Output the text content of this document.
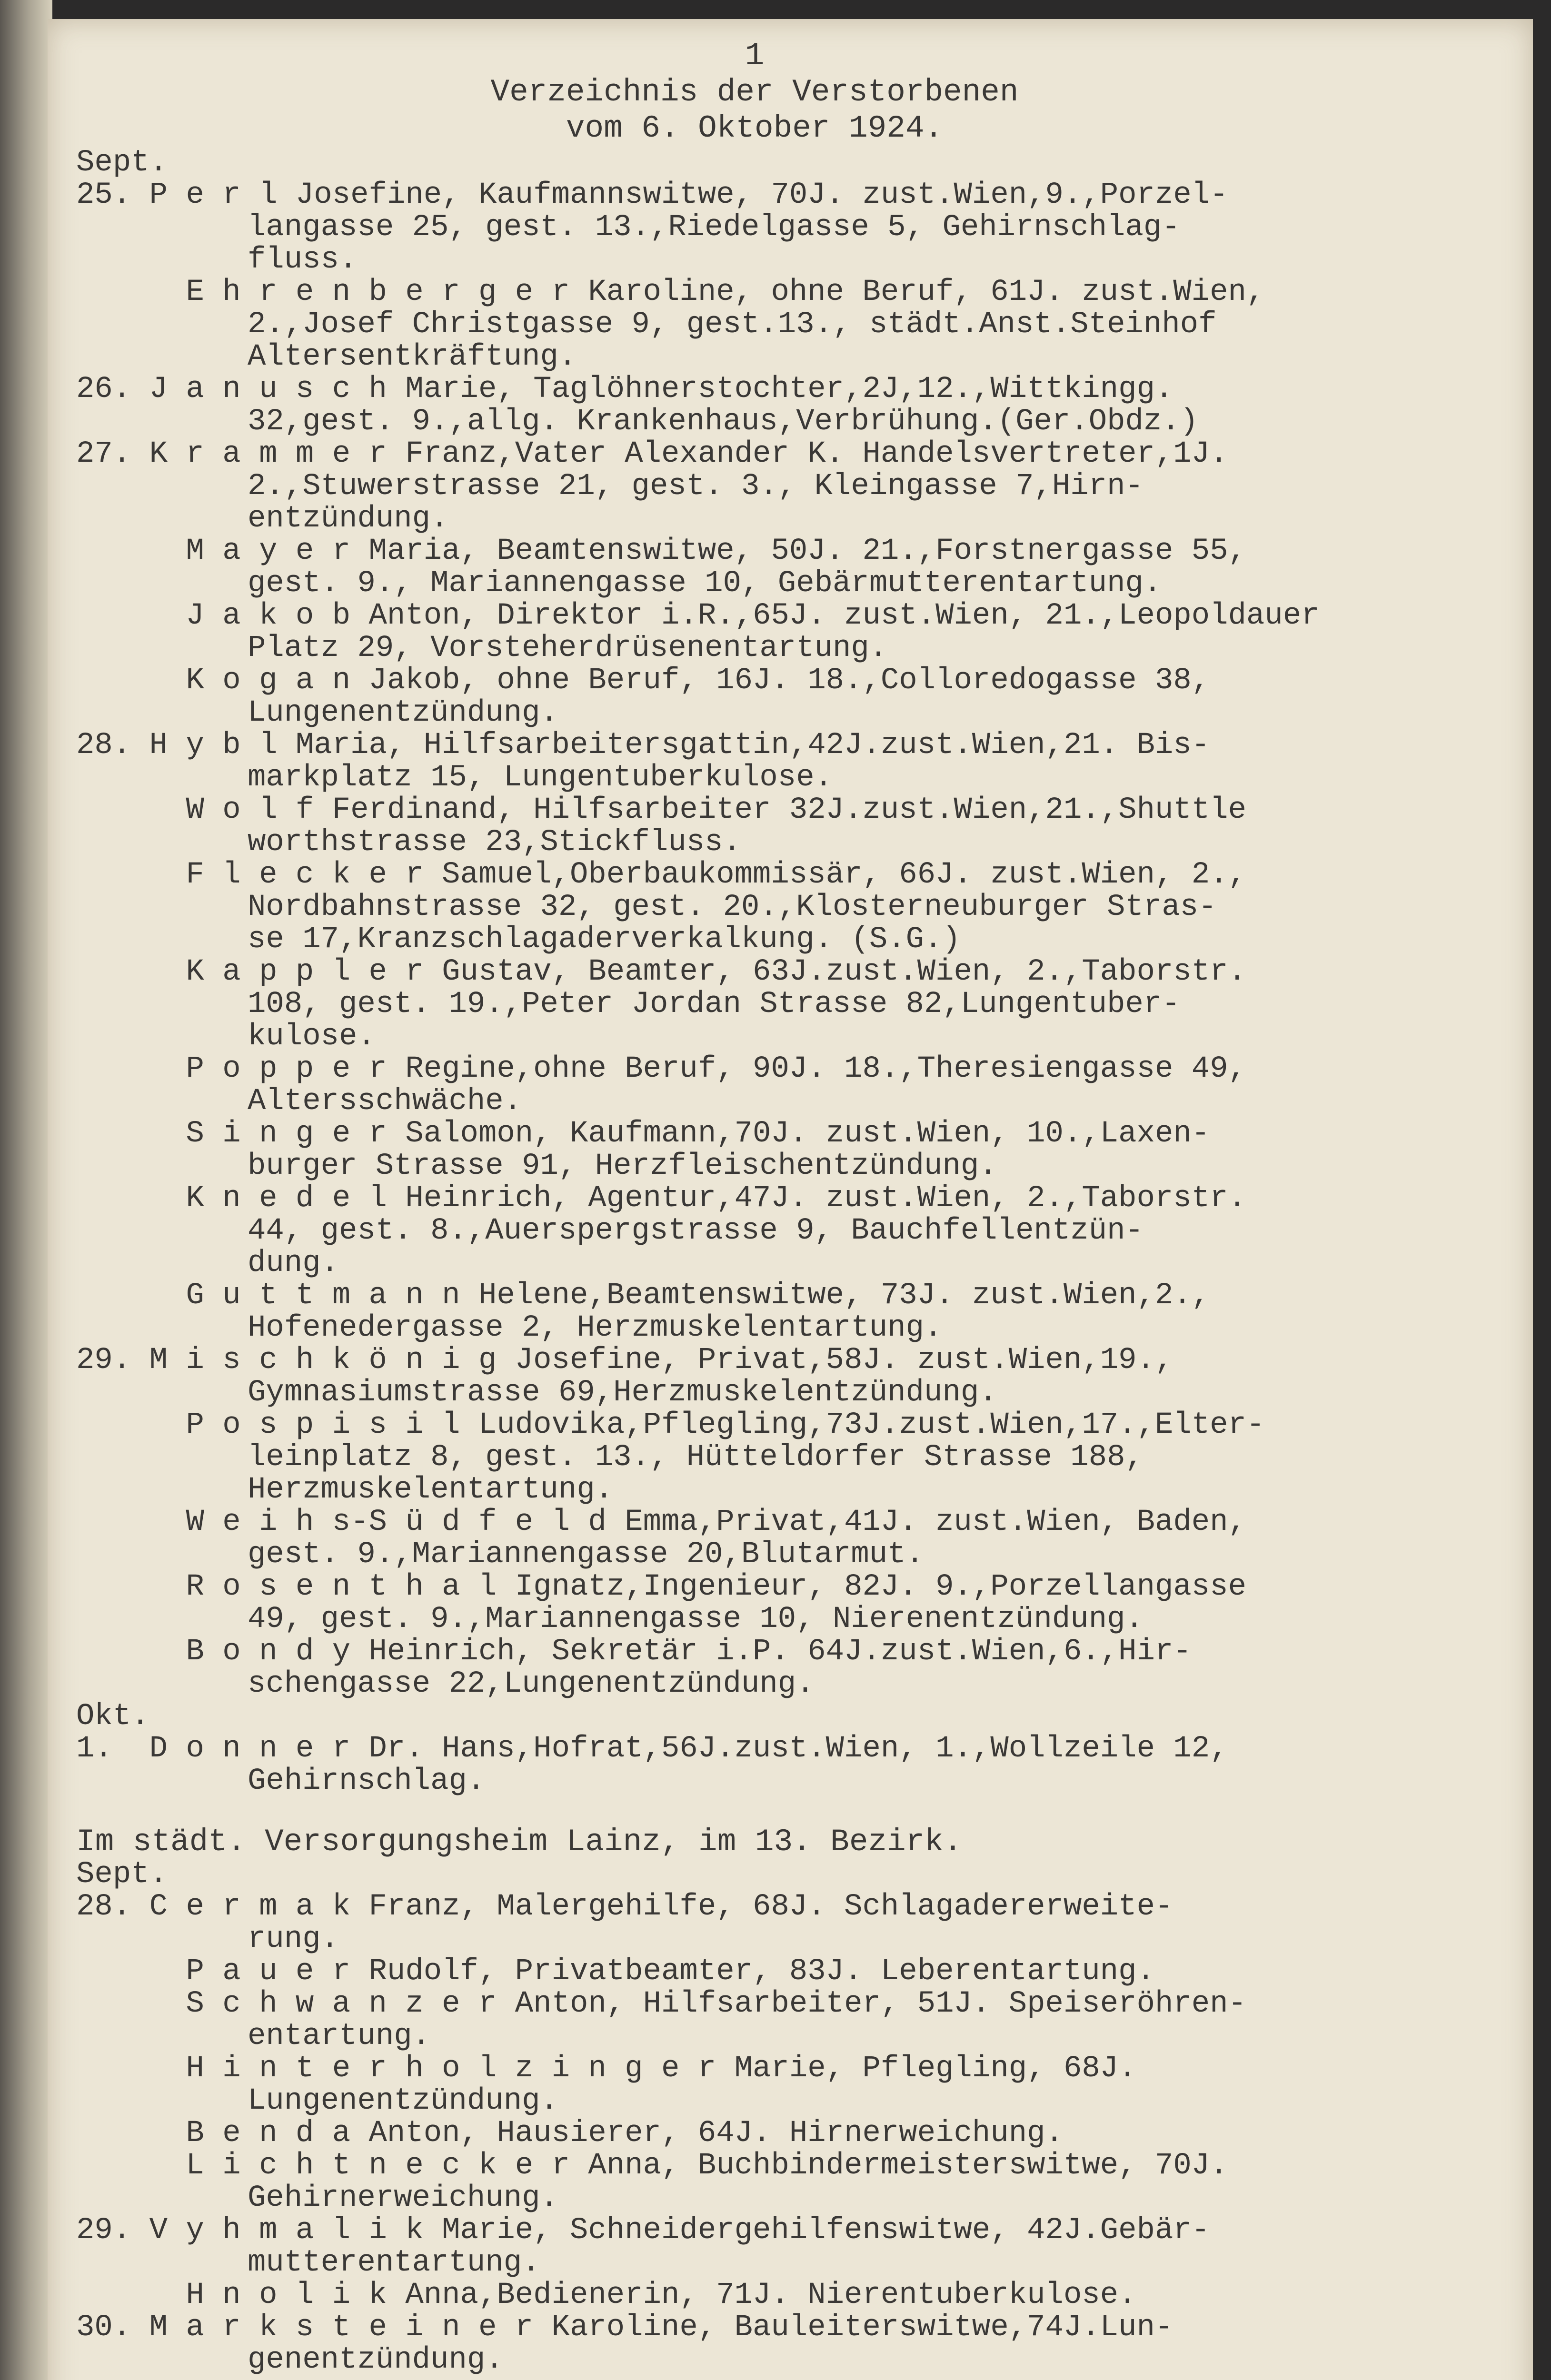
1
Verzeichnis der Verstorbenen
vom 6. Oktober 1924.
Sept.
25. P e r l Josefine, Kaufmannswitwe, 70J. zust.Wien,9.,Porzel-
langasse 25, gest. 13.,Riedelgasse 5, Gehirnschlag-
fluss.
E h r e n b e r g e r Karoline, ohne Beruf, 61J. zust.Wien,
2.,Josef Christgasse 9, gest.13., städt.Anst.Steinhof
Altersentkräftung.
26. J a n u s c h Marie, Taglöhnerstochter,2J,12.,Wittkingg.
32,gest. 9.,allg. Krankenhaus,Verbrühung.(Ger.Obdz.)
27. K r a m m e r Franz,Vater Alexander K. Handelsvertreter,1J.
2.,Stuwerstrasse 21, gest. 3., Kleingasse 7,Hirn-
entzündung.
M a y e r Maria, Beamtenswitwe, 50J. 21.,Forstnergasse 55,
gest. 9., Mariannengasse 10, Gebärmutterentartung.
J a k o b Anton, Direktor i.R.,65J. zust.Wien, 21.,Leopoldauer
Platz 29, Vorsteherdrüsenentartung.
K o g a n Jakob, ohne Beruf, 16J. 18.,Colloredogasse 38,
Lungenentzündung.
28. H y b l Maria, Hilfsarbeitersgattin,42J.zust.Wien,21. Bis-
markplatz 15, Lungentuberkulose.
W o l f Ferdinand, Hilfsarbeiter 32J.zust.Wien,21.,Shuttle
worthstrasse 23,Stickfluss.
F l e c k e r Samuel,Oberbaukommissär, 66J. zust.Wien, 2.,
Nordbahnstrasse 32, gest. 20.,Klosterneuburger Stras-
se 17,Kranzschlagaderverkalkung. (S.G.)
K a p p l e r Gustav, Beamter, 63J.zust.Wien, 2.,Taborstr.
108, gest. 19.,Peter Jordan Strasse 82,Lungentuber-
kulose.
P o p p e r Regine,ohne Beruf, 90J. 18.,Theresiengasse 49,
Altersschwäche.
S i n g e r Salomon, Kaufmann,70J. zust.Wien, 10.,Laxen-
burger Strasse 91, Herzfleischentzündung.
K n e d e l Heinrich, Agentur,47J. zust.Wien, 2.,Taborstr.
44, gest. 8.,Auerspergstrasse 9, Bauchfellentzün-
dung.
G u t t m a n n Helene,Beamtenswitwe, 73J. zust.Wien,2.,
Hofenedergasse 2, Herzmuskelentartung.
29. M i s c h k ö n i g Josefine, Privat,58J. zust.Wien,19.,
Gymnasiumstrasse 69,Herzmuskelentzündung.
P o s p i s i l Ludovika,Pflegling,73J.zust.Wien,17.,Elter-
leinplatz 8, gest. 13., Hütteldorfer Strasse 188,
Herzmuskelentartung.
W e i h s-S ü d f e l d Emma,Privat,41J. zust.Wien, Baden,
gest. 9.,Mariannengasse 20,Blutarmut.
R o s e n t h a l Ignatz,Ingenieur, 82J. 9.,Porzellangasse
49, gest. 9.,Mariannengasse 10, Nierenentzündung.
B o n d y Heinrich, Sekretär i.P. 64J.zust.Wien,6.,Hir-
schengasse 22,Lungenentzündung.
Okt.
1.  D o n n e r Dr. Hans,Hofrat,56J.zust.Wien, 1.,Wollzeile 12,
Gehirnschlag.
Im städt. Versorgungsheim Lainz, im 13. Bezirk.
Sept.
28. C e r m a k Franz, Malergehilfe, 68J. Schlagadererweite-
rung.
P a u e r Rudolf, Privatbeamter, 83J. Leberentartung.
S c h w a n z e r Anton, Hilfsarbeiter, 51J. Speiseröhren-
entartung.
H i n t e r h o l z i n g e r Marie, Pflegling, 68J.
Lungenentzündung.
B e n d a Anton, Hausierer, 64J. Hirnerweichung.
L i c h t n e c k e r Anna, Buchbindermeisterswitwe, 70J.
Gehirnerweichung.
29. V y h m a l i k Marie, Schneidergehilfenswitwe, 42J.Gebär-
mutterentartung.
H n o l i k Anna,Bedienerin, 71J. Nierentuberkulose.
30. M a r k s t e i n e r Karoline, Bauleiterswitwe,74J.Lun-
genentzündung.
